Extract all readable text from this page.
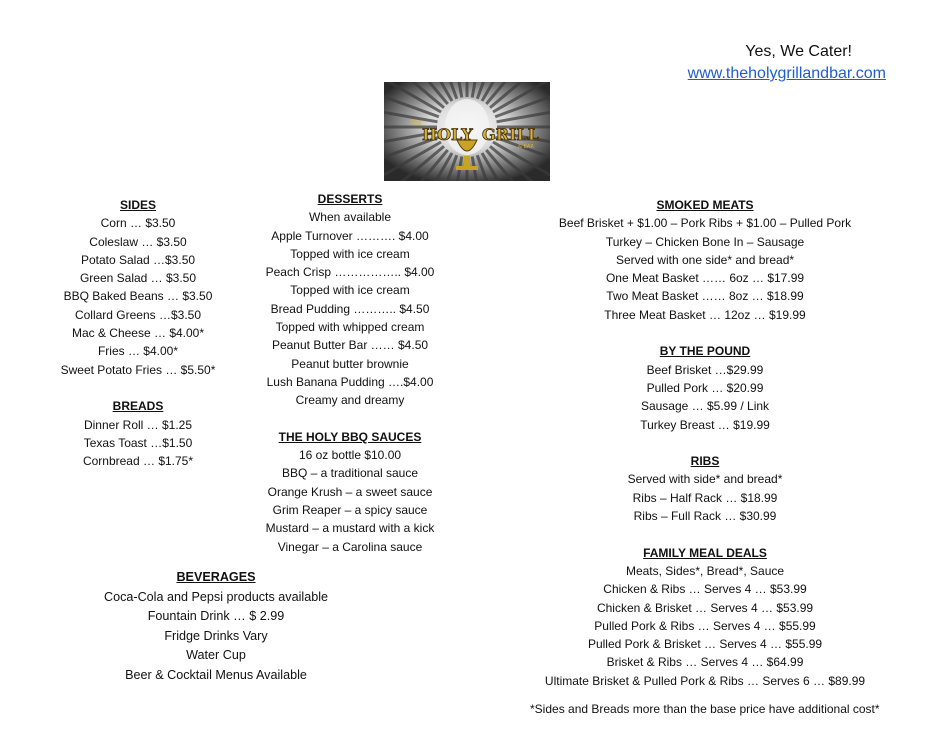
Yes, We Cater!
www.theholygrillandbar.com
HOLY GRILL
THE
& BAR
SIDES
Corn … $3.50
Coleslaw … $3.50
Potato Salad …$3.50
Green Salad … $3.50
BBQ Baked Beans … $3.50
Collard Greens …$3.50
Mac & Cheese … $4.00*
Fries … $4.00*
Sweet Potato Fries … $5.50*
BREADS
Dinner Roll … $1.25
Texas Toast …$1.50
Cornbread … $1.75*
DESSERTS
When available
Apple Turnover ………. $4.00
Topped with ice cream
Peach Crisp …………….. $4.00
Topped with ice cream
Bread Pudding ……….. $4.50
Topped with whipped cream
Peanut Butter Bar …… $4.50
Peanut butter brownie
Lush Banana Pudding ….$4.00
Creamy and dreamy
THE HOLY BBQ SAUCES
16 oz bottle $10.00
BBQ – a traditional sauce
Orange Krush – a sweet sauce
Grim Reaper – a spicy sauce
Mustard – a mustard with a kick
Vinegar – a Carolina sauce
BEVERAGES
Coca-Cola and Pepsi products available
Fountain Drink … $ 2.99
Fridge Drinks Vary
Water Cup
Beer & Cocktail Menus Available
SMOKED MEATS
Beef Brisket + $1.00 – Pork Ribs + $1.00 – Pulled Pork
Turkey – Chicken Bone In – Sausage
Served with one side* and bread*
One Meat Basket …… 6oz … $17.99
Two Meat Basket …… 8oz … $18.99
Three Meat Basket … 12oz … $19.99
BY THE POUND
Beef Brisket …$29.99
Pulled Pork … $20.99
Sausage … $5.99 / Link
Turkey Breast … $19.99
RIBS
Served with side* and bread*
Ribs – Half Rack … $18.99
Ribs – Full Rack … $30.99
FAMILY MEAL DEALS
Meats, Sides*, Bread*, Sauce
Chicken & Ribs … Serves 4 … $53.99
Chicken & Brisket … Serves 4 … $53.99
Pulled Pork & Ribs … Serves 4 … $55.99
Pulled Pork & Brisket … Serves 4 … $55.99
Brisket & Ribs … Serves 4 … $64.99
Ultimate Brisket & Pulled Pork & Ribs … Serves 6 … $89.99
*Sides and Breads more than the base price have additional cost*
